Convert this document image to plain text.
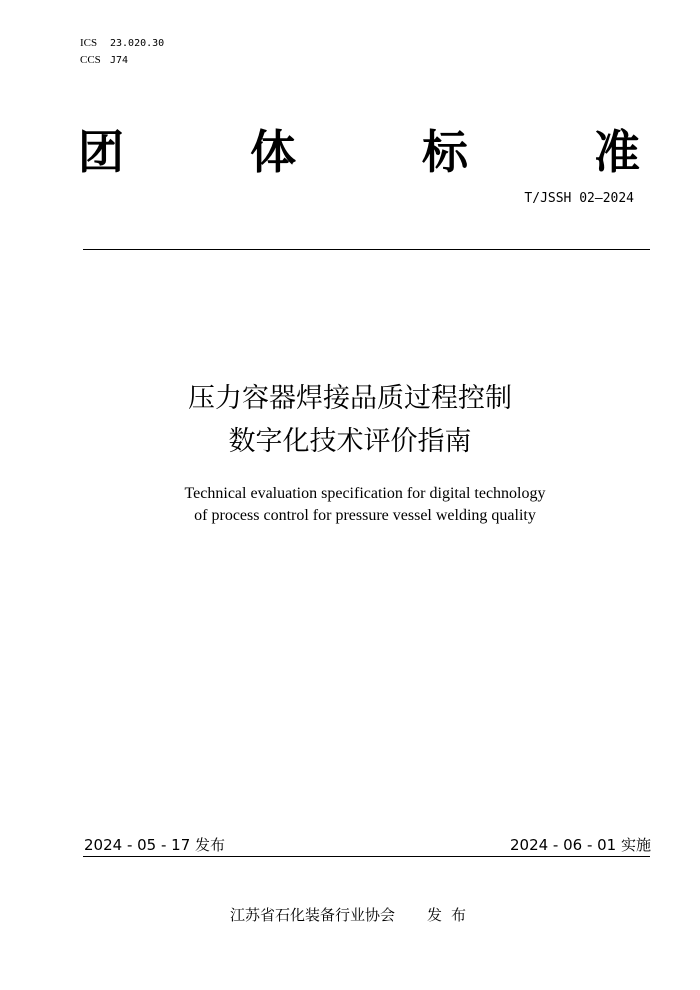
ICS 23.020.30
CCS J74
团	体	标	准
T/JSSH 02—2024
压力容器焊接品质过程控制
数字化技术评价指南
Technical evaluation specification for digital technology
of process control for pressure vessel welding quality
2024 - 05 - 17 发布	2024 - 06 - 01 实施
江苏省石化装备行业协会 发布
